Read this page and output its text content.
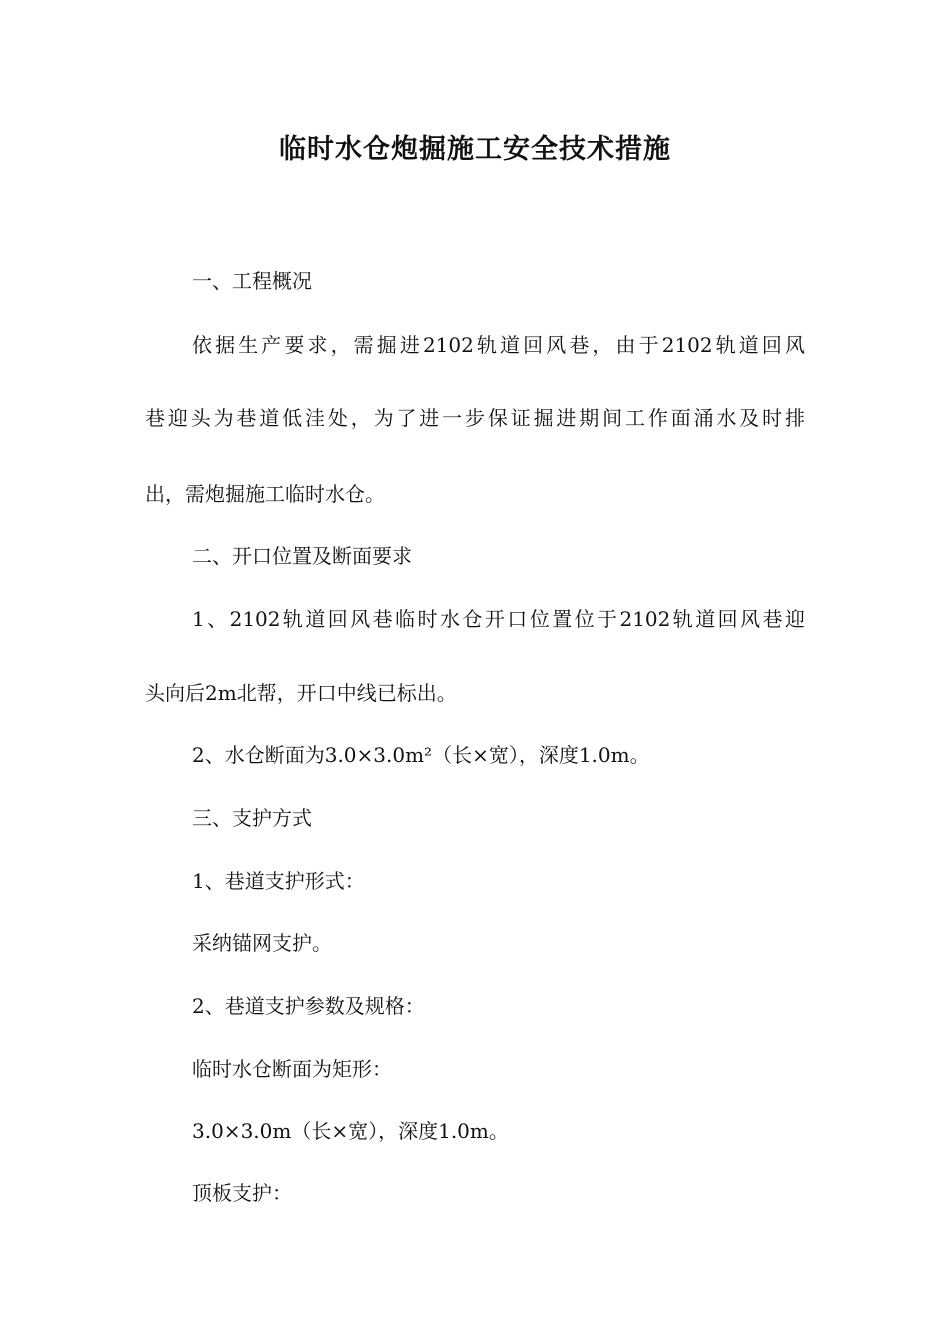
临时水仓炮掘施工安全技术措施

一、工程概况

依据生产要求，需掘进2102轨道回风巷，由于2102轨道回风

巷迎头为巷道低洼处，为了进一步保证掘进期间工作面涌水及时排

出，需炮掘施工临时水仓。

二、开口位置及断面要求

1、2102轨道回风巷临时水仓开口位置位于2102轨道回风巷迎

头向后2m北帮，开口中线已标出。

2、水仓断面为3.0×3.0m²（长×宽），深度1.0m。

三、支护方式

1、巷道支护形式：

采纳锚网支护。

2、巷道支护参数及规格：

临时水仓断面为矩形：

3.0×3.0m（长×宽），深度1.0m。

顶板支护：
